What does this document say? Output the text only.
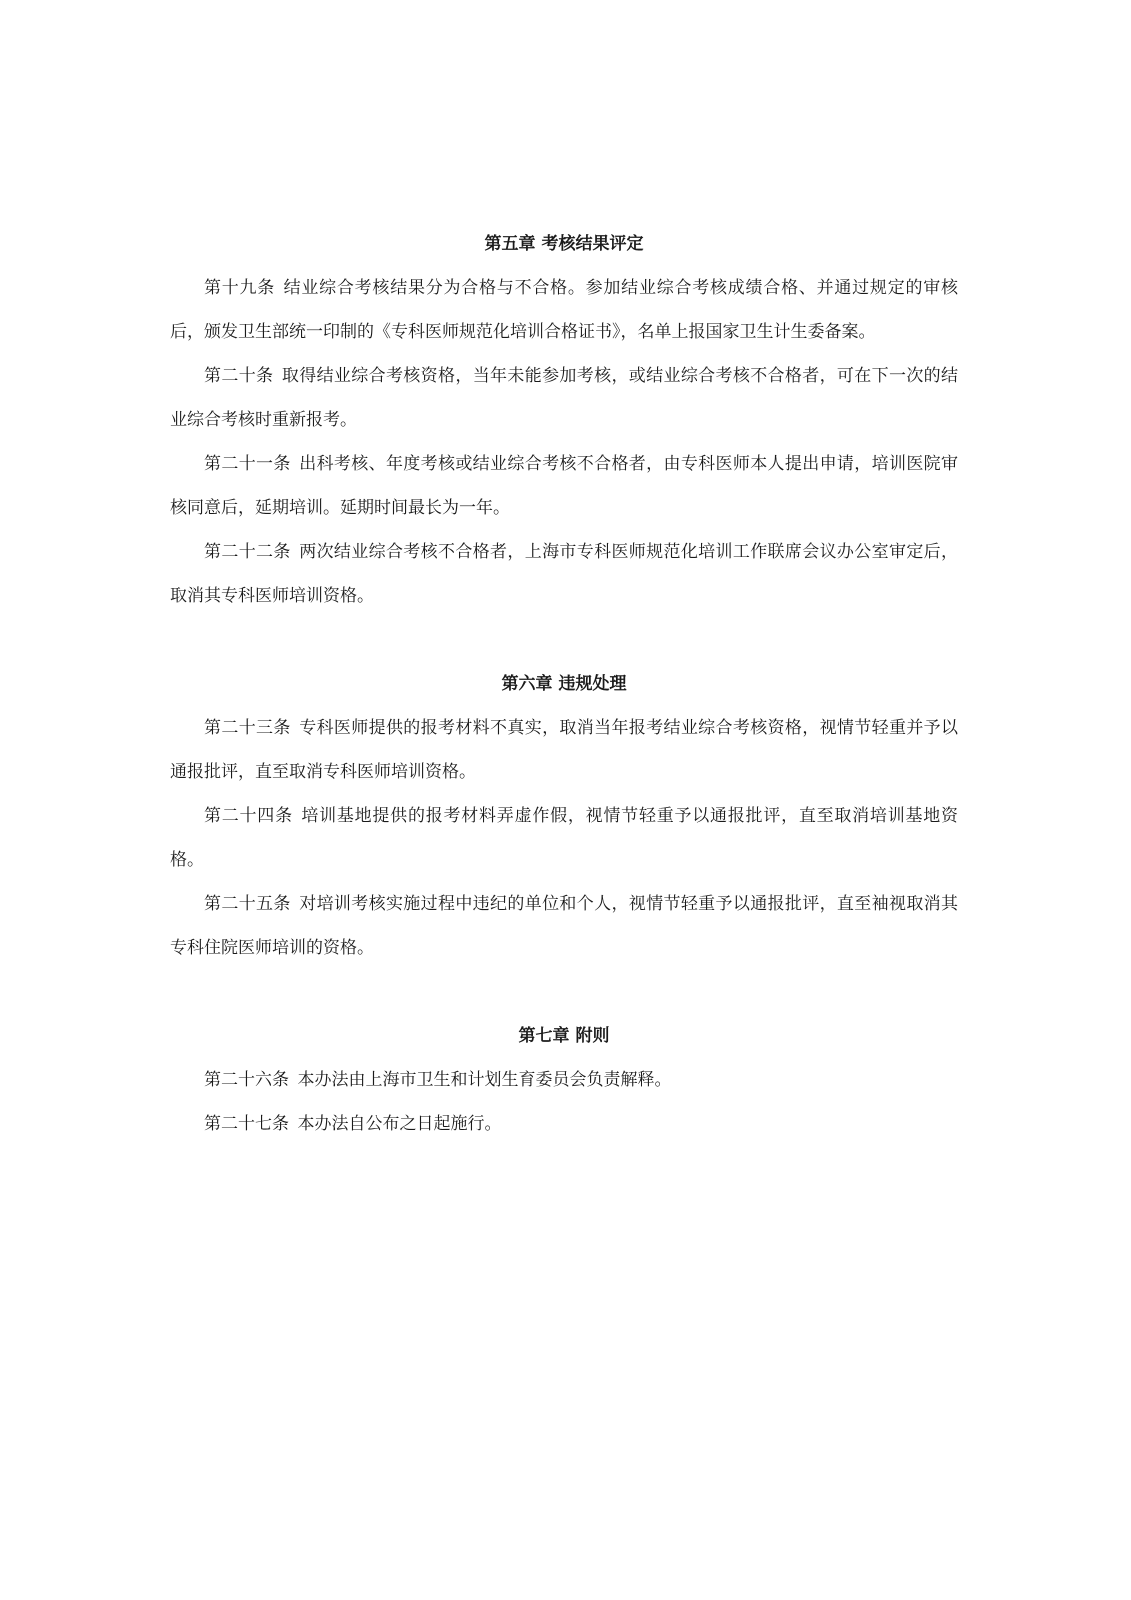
第五章 考核结果评定

第十九条 结业综合考核结果分为合格与不合格。参加结业综合考核成绩合格、并通过规定的审核后，颁发卫生部统一印制的《专科医师规范化培训合格证书》，名单上报国家卫生计生委备案。

第二十条 取得结业综合考核资格，当年未能参加考核，或结业综合考核不合格者，可在下一次的结业综合考核时重新报考。

第二十一条 出科考核、年度考核或结业综合考核不合格者，由专科医师本人提出申请，培训医院审核同意后，延期培训。延期时间最长为一年。

第二十二条 两次结业综合考核不合格者，上海市专科医师规范化培训工作联席会议办公室审定后，取消其专科医师培训资格。

第六章 违规处理

第二十三条 专科医师提供的报考材料不真实，取消当年报考结业综合考核资格，视情节轻重并予以通报批评，直至取消专科医师培训资格。

第二十四条 培训基地提供的报考材料弄虚作假，视情节轻重予以通报批评，直至取消培训基地资格。

第二十五条 对培训考核实施过程中违纪的单位和个人，视情节轻重予以通报批评，直至袖视取消其专科住院医师培训的资格。

第七章 附则

第二十六条 本办法由上海市卫生和计划生育委员会负责解释。

第二十七条 本办法自公布之日起施行。
